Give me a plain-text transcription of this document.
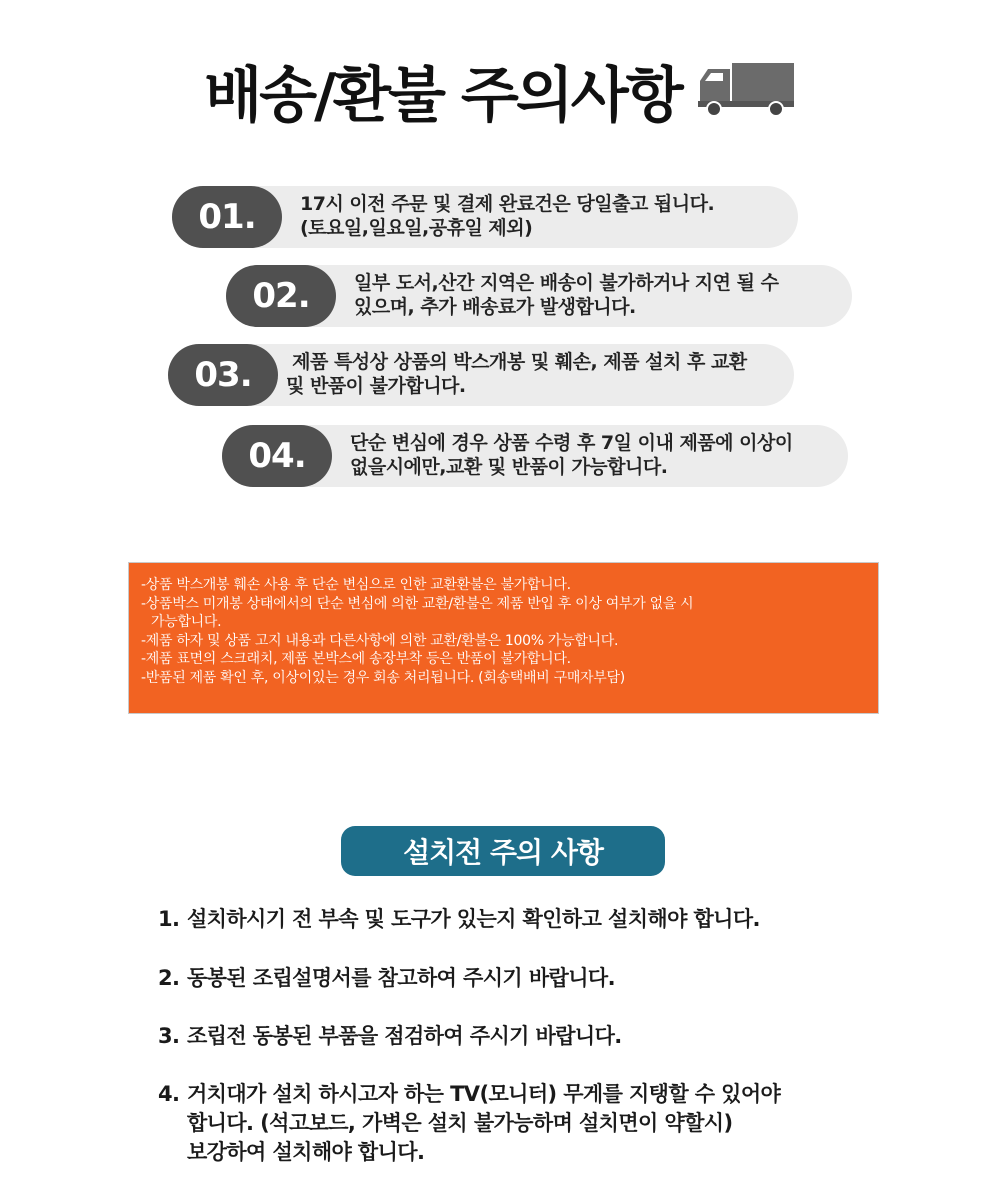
배송/환불 주의사항
01.	17시 이전 주문 및 결제 완료건은 당일출고 됩니다.
(토요일,일요일,공휴일 제외)
02.	일부 도서,산간 지역은 배송이 불가하거나 지연 될 수
있으며, 추가 배송료가 발생합니다.
03.	제품 특성상 상품의 박스개봉 및 훼손, 제품 설치 후 교환
및 반품이 불가합니다.
04.	단순 변심에 경우 상품 수령 후 7일 이내 제품에 이상이
없을시에만,교환 및 반품이 가능합니다.
-상품 박스개봉 훼손 사용 후 단순 변심으로 인한 교환환불은 불가합니다.
-상품박스 미개봉 상태에서의 단순 변심에 의한 교환/환불은 제품 반입 후 이상 여부가 없을 시
가능합니다.
-제품 하자 및 상품 고지 내용과 다른사항에 의한 교환/환불은 100% 가능합니다.
-제품 표면의 스크래치, 제품 본박스에 송장부착 등은 반품이 불가합니다.
-반품된 제품 확인 후, 이상이있는 경우 회송 처리됩니다. (회송택배비 구매자부담)
설치전 주의 사항
1. 설치하시기 전 부속 및 도구가 있는지 확인하고 설치해야 합니다.
2. 동봉된 조립설명서를 참고하여 주시기 바랍니다.
3. 조립전 동봉된 부품을 점검하여 주시기 바랍니다.
4. 거치대가 설치 하시고자 하는 TV(모니터) 무게를 지탱할 수 있어야
합니다. (석고보드, 가벽은 설치 불가능하며 설치면이 약할시)
보강하여 설치해야 합니다.
